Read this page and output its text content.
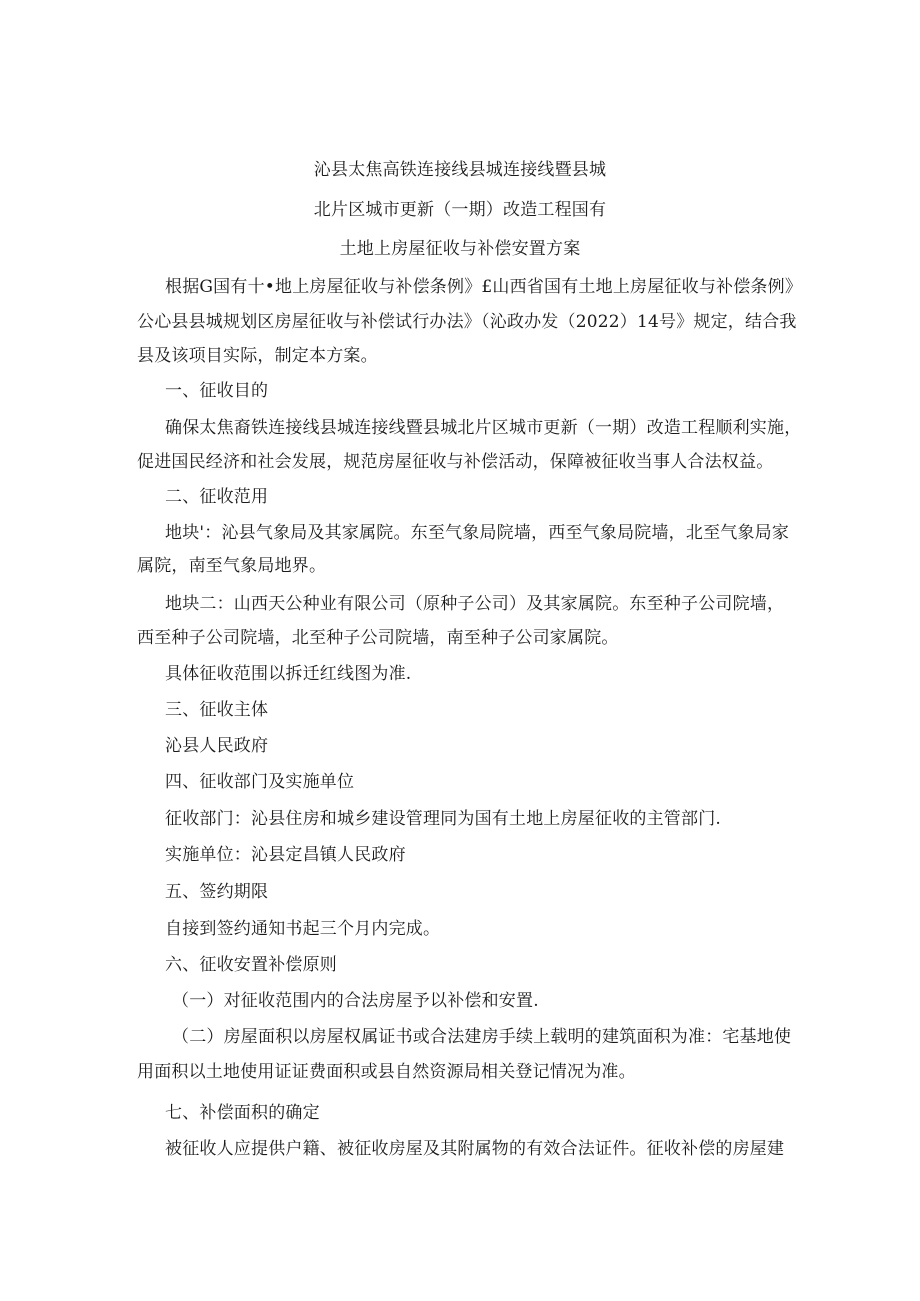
沁县太焦高铁连接线县城连接线暨县城
北片区城市更新（一期）改造工程国有
土地上房屋征收与补偿安置方案
根据G国有十•地上房屋征收与补偿条例》£山西省国有土地上房屋征收与补偿条例》
公心县县城规划区房屋征收与补偿试行办法》（沁政办发（2022）14号》规定，结合我
县及该项目实际，制定本方案。
一、征收目的
确保太焦裔铁连接线县城连接线暨县城北片区城市更新（一期）改造工程顺利实施，
促进国民经济和社会发展，规范房屋征收与补偿活动，保障被征收当事人合法权益。
二、征收范用
地块'：沁县气象局及其家属院。东至气象局院墙，西至气象局院墙，北至气象局家
属院，南至气象局地界。
地块二：山西天公种业有限公司（原种子公司）及其家属院。东至种子公司院墙，
西至种子公司院墙，北至种子公司院墙，南至种子公司家属院。
具体征收范围以拆迁红线图为准.
三、征收主体
沁县人民政府
四、征收部门及实施单位
征收部门：沁县住房和城乡建设管理同为国有土地上房屋征收的主管部门.
实施单位：沁县定昌镇人民政府
五、签约期限
自接到签约通知书起三个月内完成。
六、征收安置补偿原则
（一）对征收范围内的合法房屋予以补偿和安置.
（二）房屋面积以房屋权属证书或合法建房手续上载明的建筑面积为准：宅基地使
用面积以土地使用证证费面积或县自然资源局相关登记情况为准。
七、补偿面积的确定
被征收人应提供户籍、被征收房屋及其附属物的有效合法证件。征收补偿的房屋建
